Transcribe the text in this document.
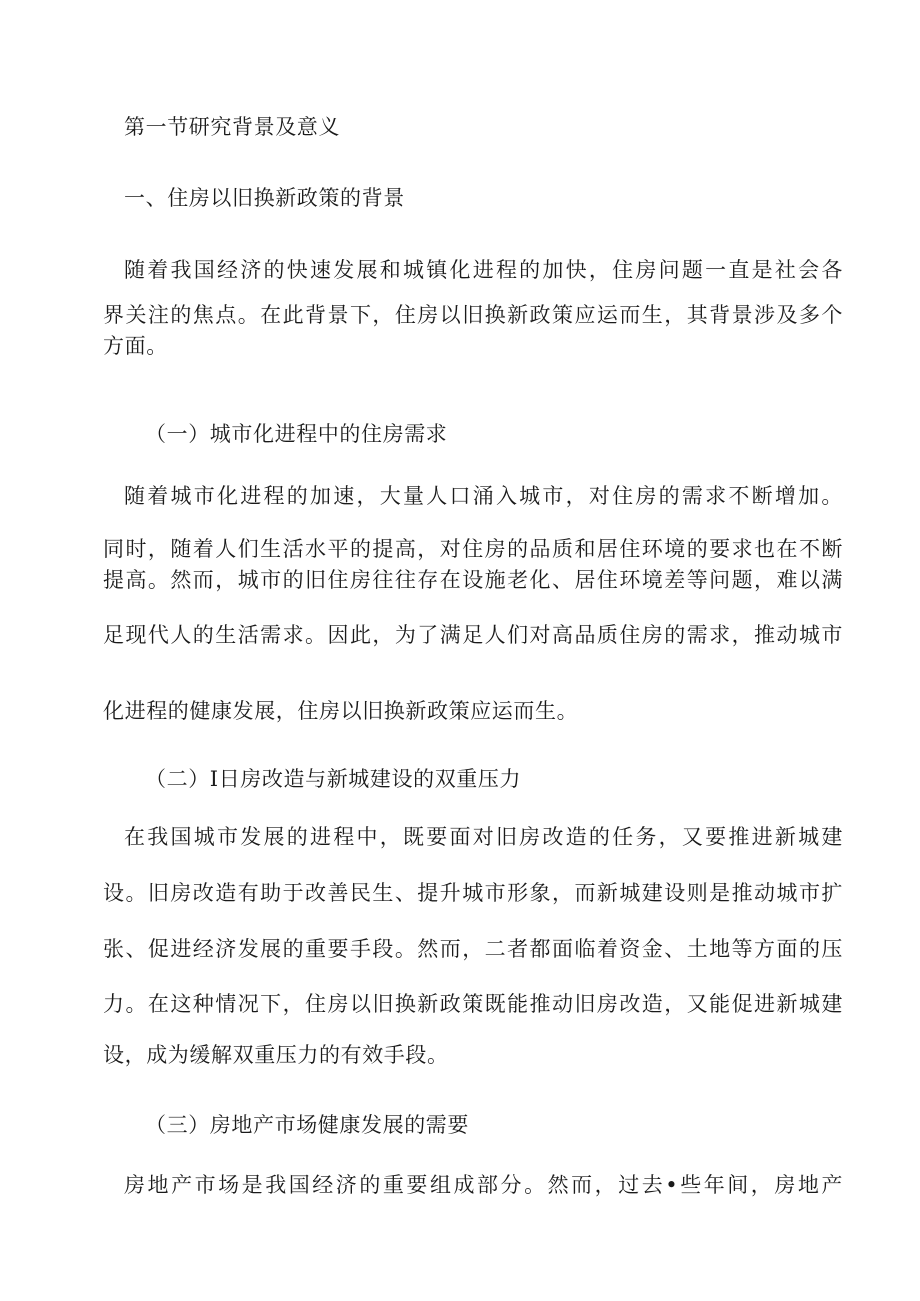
第一节研究背景及意义
一、住房以旧换新政策的背景
随着我国经济的快速发展和城镇化进程的加快，住房问题一直是社会各
界关注的焦点。在此背景下，住房以旧换新政策应运而生，其背景涉及多个
方面。
（一）城市化进程中的住房需求
随着城市化进程的加速，大量人口涌入城市，对住房的需求不断增加。
同时，随着人们生活水平的提高，对住房的品质和居住环境的要求也在不断
提高。然而，城市的旧住房往往存在设施老化、居住环境差等问题，难以满
足现代人的生活需求。因此，为了满足人们对高品质住房的需求，推动城市
化进程的健康发展，住房以旧换新政策应运而生。
（二）I日房改造与新城建设的双重压力
在我国城市发展的进程中，既要面对旧房改造的任务，又要推进新城建
设。旧房改造有助于改善民生、提升城市形象，而新城建设则是推动城市扩
张、促进经济发展的重要手段。然而，二者都面临着资金、土地等方面的压
力。在这种情况下，住房以旧换新政策既能推动旧房改造，又能促进新城建
设，成为缓解双重压力的有效手段。
（三）房地产市场健康发展的需要
房地产市场是我国经济的重要组成部分。然而，过去•些年间，房地产
